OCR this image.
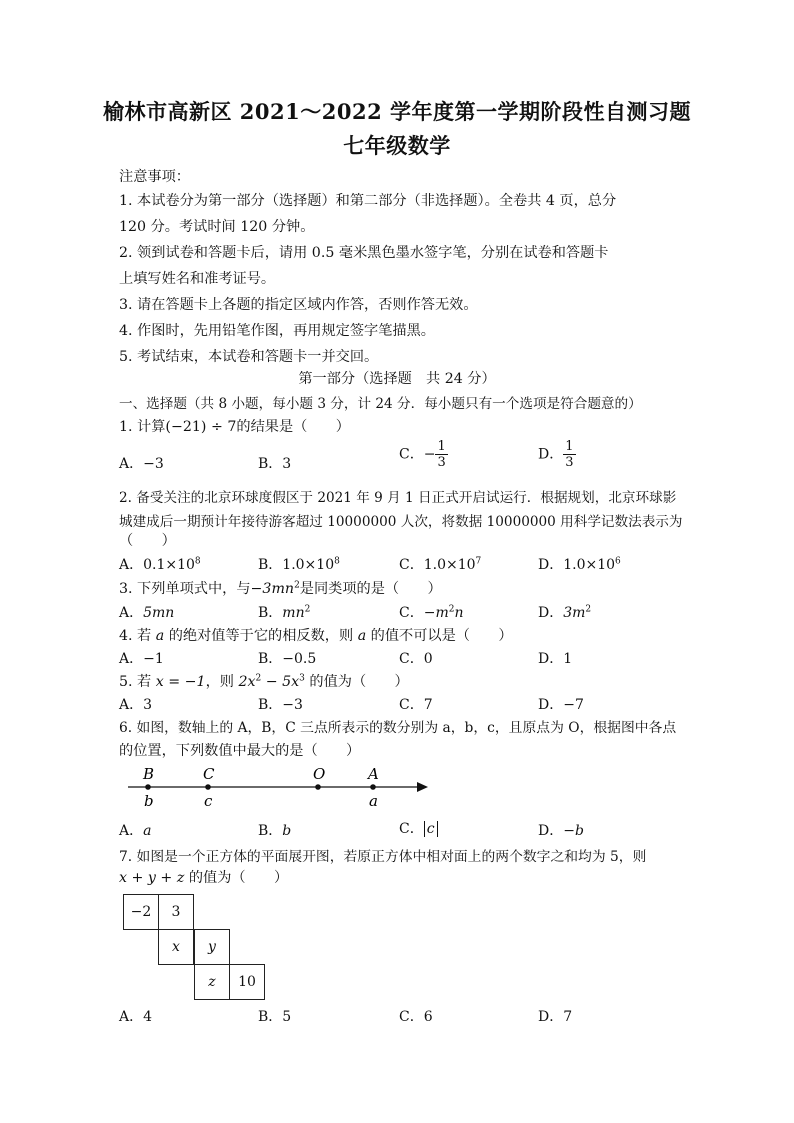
榆林市高新区 2021～2022 学年度第一学期阶段性自测习题
七年级数学
注意事项：
1. 本试卷分为第一部分（选择题）和第二部分（非选择题）。全卷共 4 页，总分
120 分。考试时间 120 分钟。
2. 领到试卷和答题卡后，请用 0.5 毫米黑色墨水签字笔，分别在试卷和答题卡
上填写姓名和准考证号。
3. 请在答题卡上各题的指定区域内作答，否则作答无效。
4. 作图时，先用铅笔作图，再用规定签字笔描黑。
5. 考试结束，本试卷和答题卡一并交回。
第一部分（选择题　共 24 分）
一、选择题（共 8 小题，每小题 3 分，计 24 分．每小题只有一个选项是符合题意的）
1. 计算(−21) ÷ 7的结果是（　　）
A．−3	B．3
C．− $\frac{1}{3}$	D． $\frac{1}{3}$
2. 备受关注的北京环球度假区于 2021 年 9 月 1 日正式开启试运行．根据规划，北京环球影
城建成后一期预计年接待游客超过 10000000 人次，将数据 10000000 用科学记数法表示为
（　　）
A．$0.1\times 10^8$	B．$1.0\times 10^8$	C．$1.0\times 10^7$	D．$1.0\times 10^6$
3. 下列单项式中，与$-3mn^2$是同类项的是（　　）
A．5mn	B．$mn^2$	C．$-m^2n$	D．$3m^2$
4. 若 a 的绝对值等于它的相反数，则 a 的值不可以是（　　）
A．−1	B．−0.5	C．0	D．1
5. 若 x = −1，则 $2x^2 - 5x^3$ 的值为（　　）
A．3	B．−3	C．7	D．−7
6. 如图，数轴上的 A，B，C 三点所表示的数分别为 a，b，c，且原点为 O，根据图中各点
的位置，下列数值中最大的是（　　）
B	C	O	A
b	c	a
A．a	B．b	C． c	D．−b
7. 如图是一个正方体的平面展开图，若原正方体中相对面上的两个数字之和均为 5，则
x + y + z 的值为（　　）
−2	3
x	y
z	10
A．4	B．5	C．6	D．7
